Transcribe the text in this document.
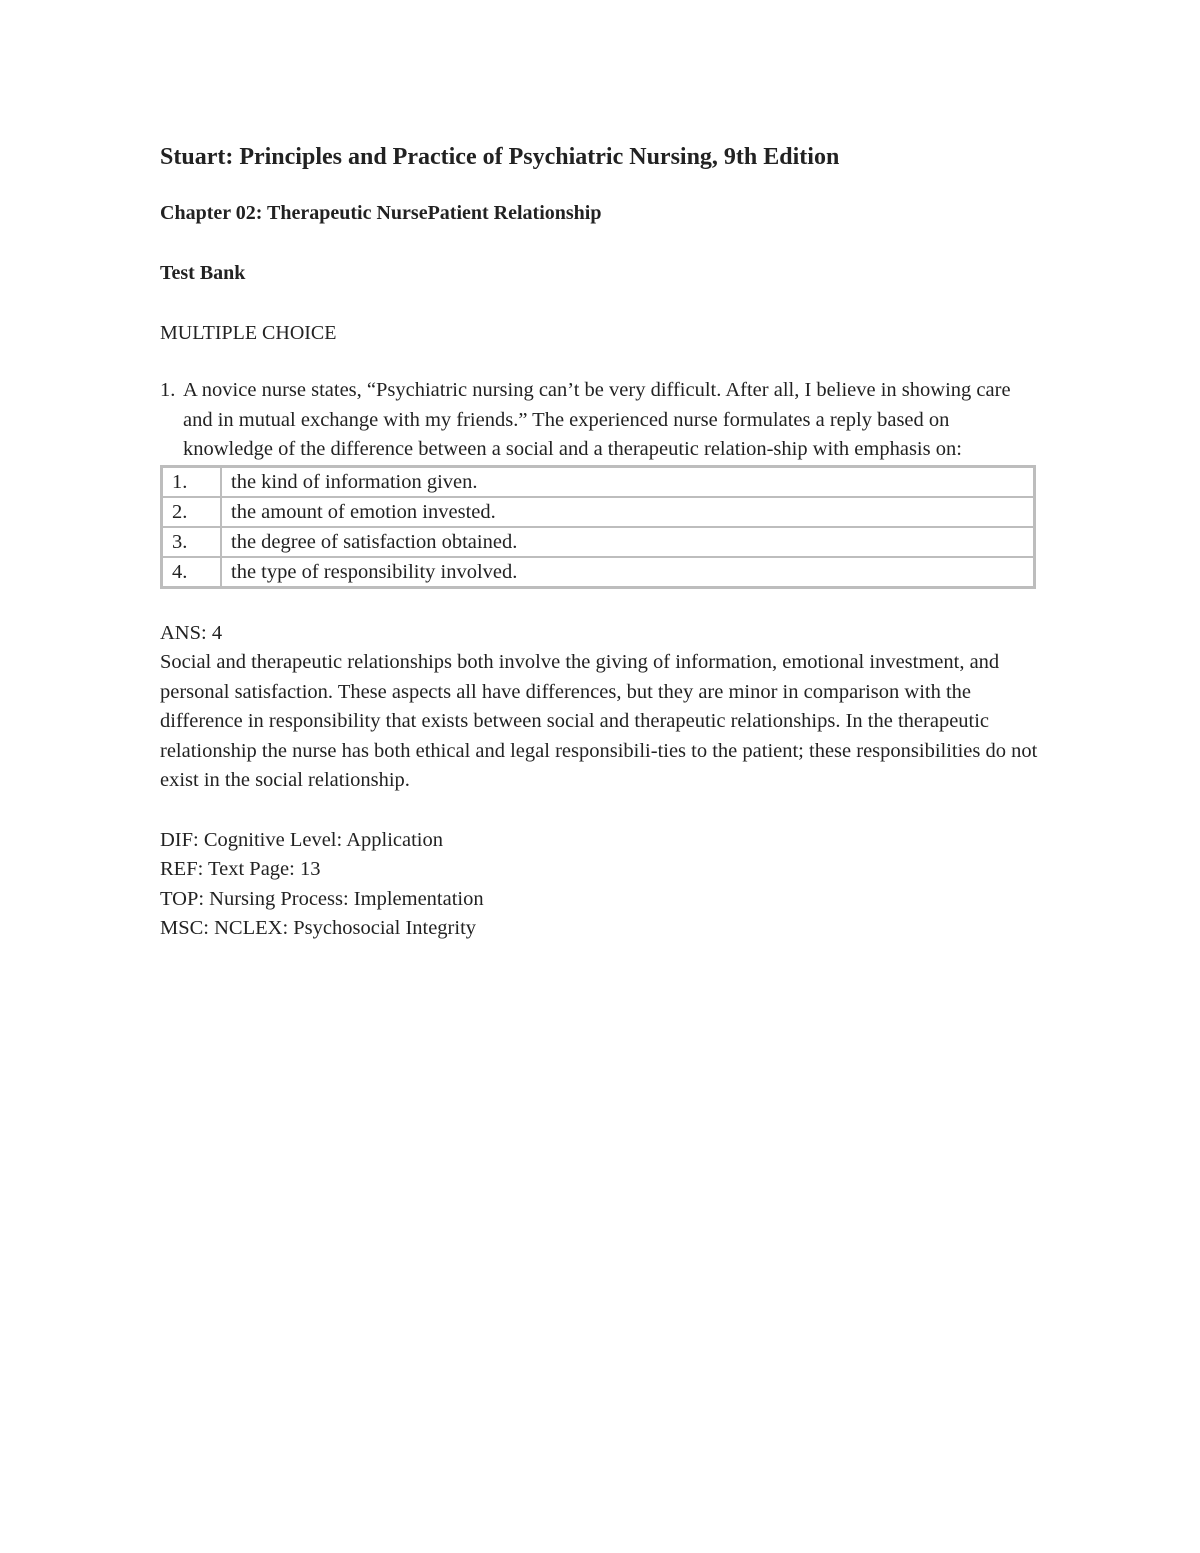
Stuart: Principles and Practice of Psychiatric Nursing, 9th Edition
Chapter 02: Therapeutic NursePatient Relationship
Test Bank
MULTIPLE CHOICE
1. A novice nurse states, “Psychiatric nursing can’t be very difficult. After all, I believe in showing care and in mutual exchange with my friends.” The experienced nurse formulates a reply based on knowledge of the difference between a social and a therapeutic relation-ship with emphasis on:
1.	the kind of information given.
2.	the amount of emotion invested.
3.	the degree of satisfaction obtained.
4.	the type of responsibility involved.
ANS: 4
Social and therapeutic relationships both involve the giving of information, emotional investment, and personal satisfaction. These aspects all have differences, but they are minor in comparison with the difference in responsibility that exists between social and therapeutic relationships. In the therapeutic relationship the nurse has both ethical and legal responsibili-ties to the patient; these responsibilities do not exist in the social relationship.
DIF: Cognitive Level: Application
REF: Text Page: 13
TOP: Nursing Process: Implementation
MSC: NCLEX: Psychosocial Integrity
